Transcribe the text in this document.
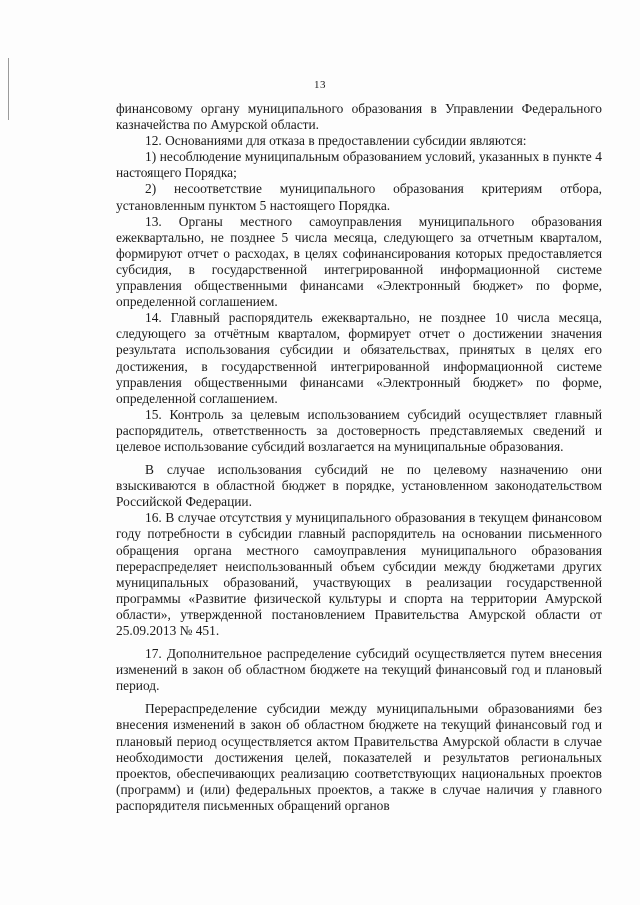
13

финансовому органу муниципального образования в Управлении Федерального казначейства по Амурской области.

12. Основаниями для отказа в предоставлении субсидии являются:

1) несоблюдение муниципальным образованием условий, указанных в пункте 4 настоящего Порядка;

2) несоответствие муниципального образования критериям отбора, установленным пунктом 5 настоящего Порядка.

13. Органы местного самоуправления муниципального образования ежеквартально, не позднее 5 числа месяца, следующего за отчетным кварталом, формируют отчет о расходах, в целях софинансирования которых предоставляется субсидия, в государственной интегрированной информационной системе управления общественными финансами «Электронный бюджет» по форме, определенной соглашением.

14. Главный распорядитель ежеквартально, не позднее 10 числа месяца, следующего за отчётным кварталом, формирует отчет о достижении значения результата использования субсидии и обязательствах, принятых в целях его достижения, в государственной интегрированной информационной системе управления общественными финансами «Электронный бюджет» по форме, определенной соглашением.

15. Контроль за целевым использованием субсидий осуществляет главный распорядитель, ответственность за достоверность представляемых сведений и целевое использование субсидий возлагается на муниципальные образования.

В случае использования субсидий не по целевому назначению они взыскиваются в областной бюджет в порядке, установленном законодательством Российской Федерации.

16. В случае отсутствия у муниципального образования в текущем финансовом году потребности в субсидии главный распорядитель на основании письменного обращения органа местного самоуправления муниципального образования перераспределяет неиспользованный объем субсидии между бюджетами других муниципальных образований, участвующих в реализации государственной программы «Развитие физической культуры и спорта на территории Амурской области», утвержденной постановлением Правительства Амурской области от 25.09.2013 № 451.

17. Дополнительное распределение субсидий осуществляется путем внесения изменений в закон об областном бюджете на текущий финансовый год и плановый период.

Перераспределение субсидии между муниципальными образованиями без внесения изменений в закон об областном бюджете на текущий финансовый год и плановый период осуществляется актом Правительства Амурской области в случае необходимости достижения целей, показателей и результатов региональных проектов, обеспечивающих реализацию соответствующих национальных проектов (программ) и (или) федеральных проектов, а также в случае наличия у главного распорядителя письменных обращений органов
